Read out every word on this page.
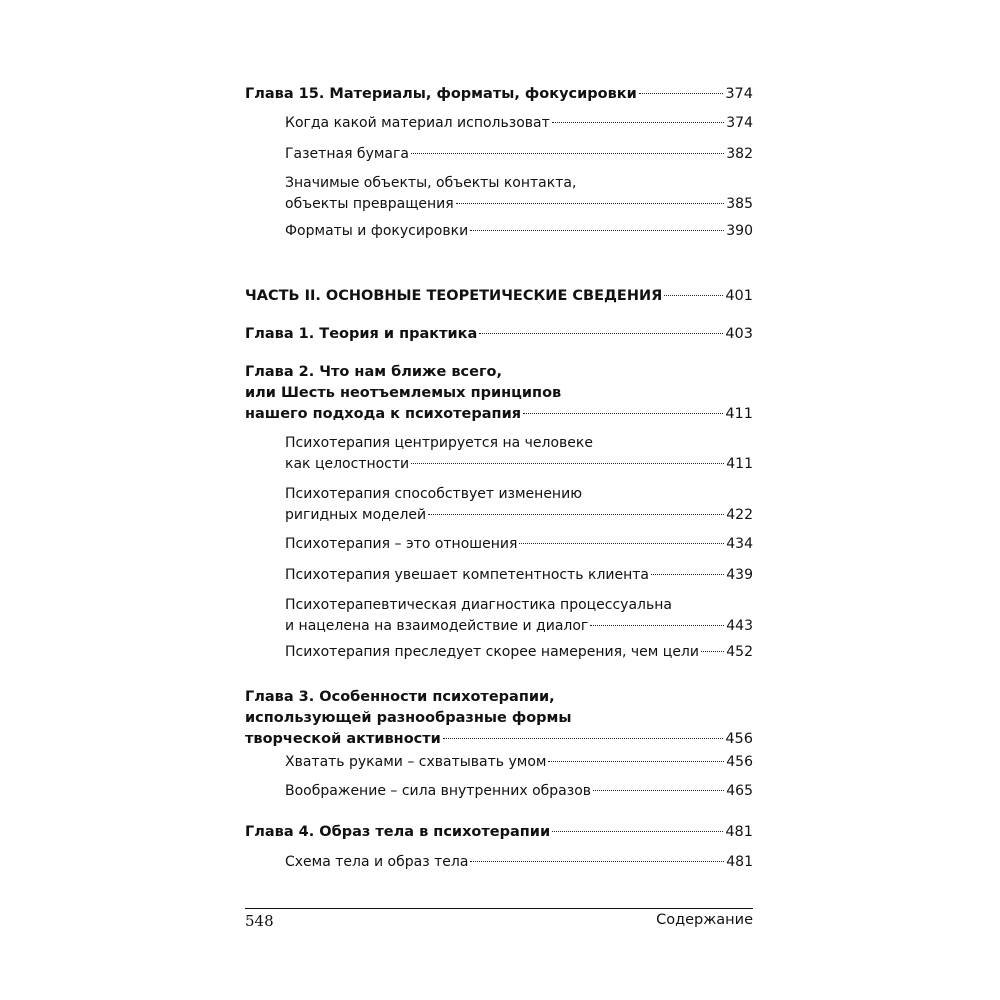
Глава 15. Материалы, форматы, фокусировки	374
Когда какой материал использоват	374
Газетная бумага	382
Значимые объекты, объекты контакта,
объекты превращения	385
Форматы и фокусировки	390
ЧАСТЬ II. ОСНОВНЫЕ ТЕОРЕТИЧЕСКИЕ СВЕДЕНИЯ	401
Глава 1. Теория и практика	403
Глава 2. Что нам ближе всего,
или Шесть неотъемлемых принципов
нашего подхода к психотерапия	411
Психотерапия центрируется на человеке
как целостности	411
Психотерапия способствует изменению
ригидных моделей	422
Психотерапия – это отношения	434
Психотерапия увешает компетентность клиента	439
Психотерапевтическая диагностика процессуальна
и нацелена на взаимодействие и диалог	443
Психотерапия преследует скорее намерения, чем цели 452
Глава 3. Особенности психотерапии,
использующей разнообразные формы
творческой активности	456
Хватать руками – схватывать умом	456
Воображение – сила внутренних образов	465
Глава 4. Образ тела в психотерапии	481
Схема тела и образ тела	481
548	Содержание
